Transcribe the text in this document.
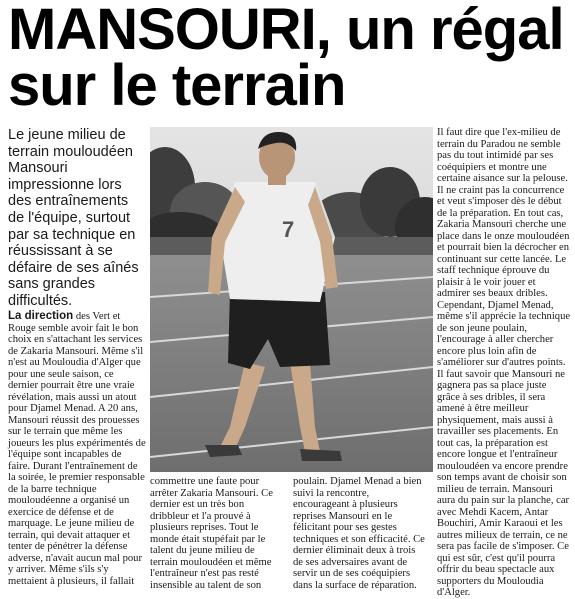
MANSOURI, un régal
sur le terrain

Le jeune milieu de terrain mouloudéen Mansouri impressionne lors des entraînements de l'équipe, surtout par sa technique en réussissant à se défaire de ses aînés sans grandes difficultés.

7

La direction des Vert et Rouge semble avoir fait le bon choix en s'attachant les services de Zakaria Mansouri. Même s'il n'est au Mouloudia d'Alger que pour une seule saison, ce dernier pourrait être une vraie révélation, mais aussi un atout pour Djamel Menad. A 20 ans, Mansouri réussit des prouesses sur le terrain que même les joueurs les plus expérimentés de l'équipe sont incapables de faire. Durant l'entraînement de la soirée, le premier responsable de la barre technique mouloudéenne a organisé un exercice de défense et de marquage. Le jeune milieu de terrain, qui devait attaquer et tenter de pénétrer la défense adverse, n'avait aucun mal pour y arriver. Même s'ils s'y mettaient à plusieurs, il fallait

commettre une faute pour arrêter Zakaria Mansouri. Ce dernier est un très bon dribbleur et l'a prouvé à plusieurs reprises. Tout le monde était stupéfait par le talent du jeune milieu de terrain mouloudéen et même l'entraîneur n'est pas resté insensible au talent de son

poulain. Djamel Menad a bien suivi la rencontre, encourageant à plusieurs reprises Mansouri en le félicitant pour ses gestes techniques et son efficacité. Ce dernier éliminait deux à trois de ses adversaires avant de servir un de ses coéquipiers dans la surface de réparation.

Il faut dire que l'ex-milieu de terrain du Paradou ne semble pas du tout intimidé par ses coéquipiers et montre une certaine aisance sur la pelouse. Il ne craint pas la concurrence et veut s'imposer dès le début de la préparation. En tout cas, Zakaria Mansouri cherche une place dans le onze mouloudéen et pourrait bien la décrocher en continuant sur cette lancée. Le staff technique éprouve du plaisir à le voir jouer et admirer ses beaux dribles. Cependant, Djamel Menad, même s'il apprécie la technique de son jeune poulain, l'encourage à aller chercher encore plus loin afin de s'améliorer sur d'autres points. Il faut savoir que Mansouri ne gagnera pas sa place juste grâce à ses dribles, il sera amené à être meilleur physiquement, mais aussi à travailler ses placements. En tout cas, la préparation est encore longue et l'entraîneur mouloudéen va encore prendre son temps avant de choisir son milieu de terrain. Mansouri aura du pain sur la planche, car avec Mehdi Kacem, Antar Bouchiri, Amir Karaoui et les autres milieux de terrain, ce ne sera pas facile de s'imposer. Ce qui est sûr, c'est qu'il pourra offrir du beau spectacle aux supporters du Mouloudia d'Alger.
